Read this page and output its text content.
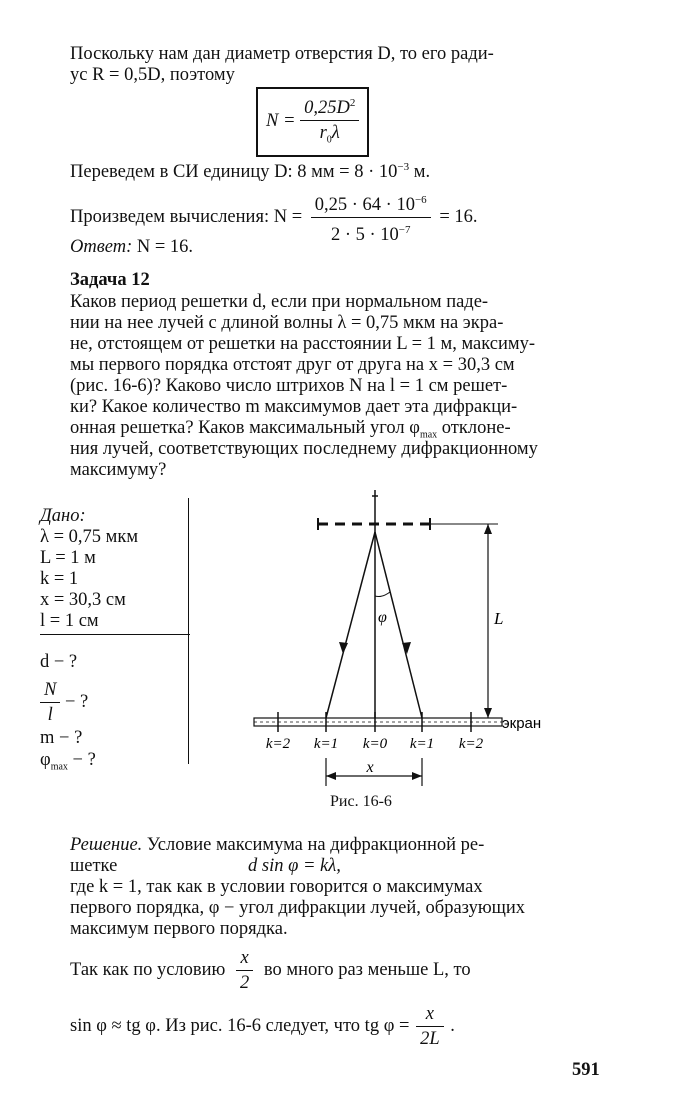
Поскольку нам дан диаметр отверстия D, то его ради-
ус R = 0,5D, поэтому
$N = \frac{0,25D^2}{r_0\lambda}$
Переведем в СИ единицу D: 8 мм = $8 \cdot 10^{-3}$ м.
Произведем вычисления: $N = \frac{0,25 \cdot 64 \cdot 10^{-6}}{2 \cdot 5 \cdot 10^{-7}} = 16$.
Ответ: N = 16.
Задача 12
Каков период решетки d, если при нормальном паде-
нии на нее лучей с длиной волны λ = 0,75 мкм на экра-
не, отстоящем от решетки на расстоянии L = 1 м, максиму-
мы первого порядка отстоят друг от друга на x = 30,3 см
(рис. 16-6)? Каково число штрихов N на l = 1 см решет-
ки? Какое количество m максимумов дает эта дифракци-
онная решетка? Каков максимальный угол $\varphi_{max}$ отклоне-
ния лучей, соответствующих последнему дифракционному
максимуму?
Дано:
λ = 0,75 мкм
L = 1 м
k = 1
x = 30,3 см
l = 1 см
d − ?
$\frac{N}{l}$ − ?
m − ?
$\varphi_{max}$ − ?
φ	L
экран
k=2 k=1 k=0 k=1 k=2
x
Рис. 16-6
Решение. Условие максимума на дифракционной ре-
шетке	d sin φ = kλ,
где k = 1, так как в условии говорится о максимумах
первого порядка, φ − угол дифракции лучей, образующих
максимум первого порядка.
Так как по условию $\frac{x}{2}$ во много раз меньше L, то
sin φ ≈ tg φ. Из рис. 16-6 следует, что tg $\varphi = \frac{x}{2L}$ .
591
